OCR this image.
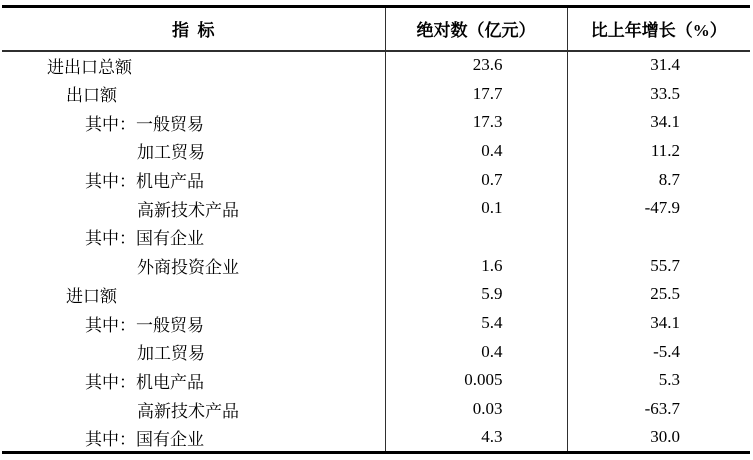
指  标	绝对数（亿元）	比上年增长（%）
进出口总额	23.6	31.4
出口额	17.7	33.5
其中：一般贸易	17.3	34.1
加工贸易	0.4	11.2
其中：机电产品	0.7	8.7
高新技术产品	0.1	-47.9
其中：国有企业		
外商投资企业	1.6	55.7
进口额	5.9	25.5
其中：一般贸易	5.4	34.1
加工贸易	0.4	-5.4
其中：机电产品	0.005	5.3
高新技术产品	0.03	-63.7
其中：国有企业	4.3	30.0
